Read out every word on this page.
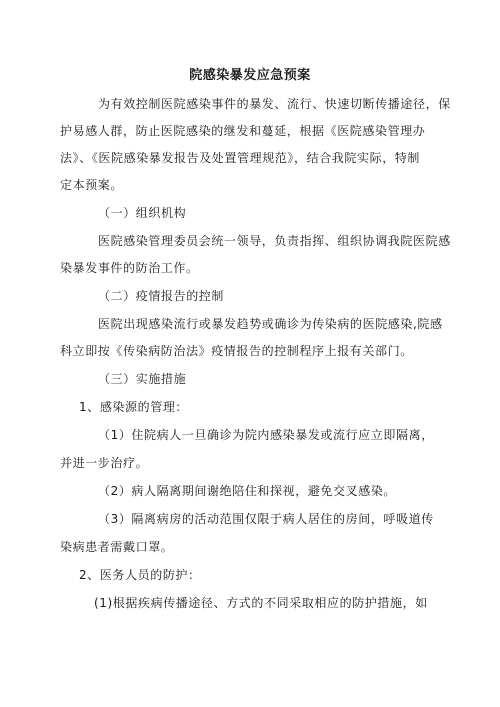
院感染暴发应急预案
为有效控制医院感染事件的暴发、流行、快速切断传播途径，保
护易感人群，防止医院感染的继发和蔓延，根据《医院感染管理办
法》、《医院感染暴发报告及处置管理规范》，结合我院实际，特制
定本预案。
（一）组织机构
医院感染管理委员会统一领导，负责指挥、组织协调我院医院感
染暴发事件的防治工作。
（二）疫情报告的控制
医院出现感染流行或暴发趋势或确诊为传染病的医院感染,院感
科立即按《传染病防治法》疫情报告的控制程序上报有关部门。
（三）实施措施
1、感染源的管理：
（1）住院病人一旦确诊为院内感染暴发或流行应立即隔离，
并进一步治疗。
（2）病人隔离期间谢绝陪住和探视，避免交叉感染。
（3）隔离病房的活动范围仅限于病人居住的房间，呼吸道传
染病患者需戴口罩。
2、医务人员的防护：
(1)根据疾病传播途径、方式的不同采取相应的防护措施，如
